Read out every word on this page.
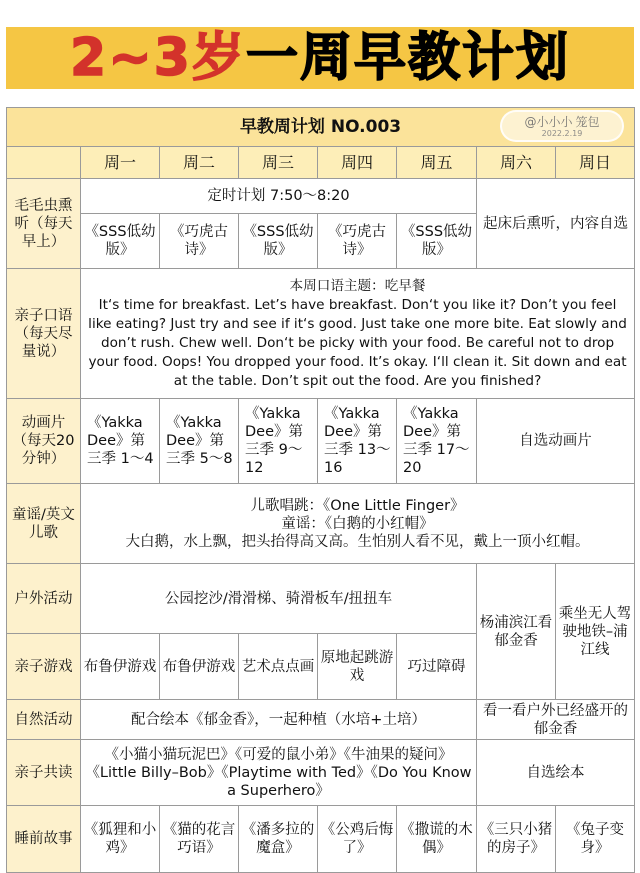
2~3岁 一周早教计划
早教周计划 NO.003							
	周一	周二	周三	周四	周五	周六	周日
毛毛虫熏听（每天早上）	定时计划 7:50～8:20					起床后熏听，内容自选	
	《SSS低幼版》	《巧虎古诗》	《SSS低幼版》	《巧虎古诗》	《SSS低幼版》		
亲子口语（每天尽量说）	本周口语主题：吃早餐
It‘s time for breakfast. Let’s have breakfast. Don‘t you like it? Don’t you feel like eating? Just try and see if it‘s good. Just take one more bite. Eat slowly and don’t rush. Chew well. Don‘t be picky with your food. Be careful not to drop your food. Oops! You dropped your food. It’s okay. I‘ll clean it. Sit down and eat at the table. Don’t spit out the food. Are you finished?						

动画片（每天20分钟）	《Yakka Dee》第三季 1～4	《Yakka Dee》第三季 5～8	《Yakka Dee》第三季 9～12	《Yakka Dee》第三季 13～16	《Yakka Dee》第三季 17～20	自选动画片	
童谣/英文儿歌	儿歌唱跳：《One Little Finger》
童谣：《白鹅的小红帽》
大白鹅，水上飘，把头抬得高又高。生怕别人看不见，戴上一顶小红帽。						

户外活动	公园挖沙/滑滑梯、骑滑板车/扭扭车					杨浦滨江看郁金香	乘坐无人驾驶地铁–浦江线
亲子游戏	布鲁伊游戏	布鲁伊游戏	艺术点点画	原地起跳游戏	巧过障碍		
自然活动	配合绘本《郁金香》，一起种植（水培+土培）					看一看户外已经盛开的郁金香	
亲子共读	《小猫小猫玩泥巴》《可爱的鼠小弟》《牛油果的疑问》《Little Billy–Bob》《Playtime with Ted》《Do You Know a Superhero》					自选绘本	
睡前故事	《狐狸和小鸡》	《猫的花言巧语》	《潘多拉的魔盒》	《公鸡后悔了》	《撒谎的木偶》	《三只小猪的房子》	《兔子变身》
@小小小 笼包
2022.2.19
